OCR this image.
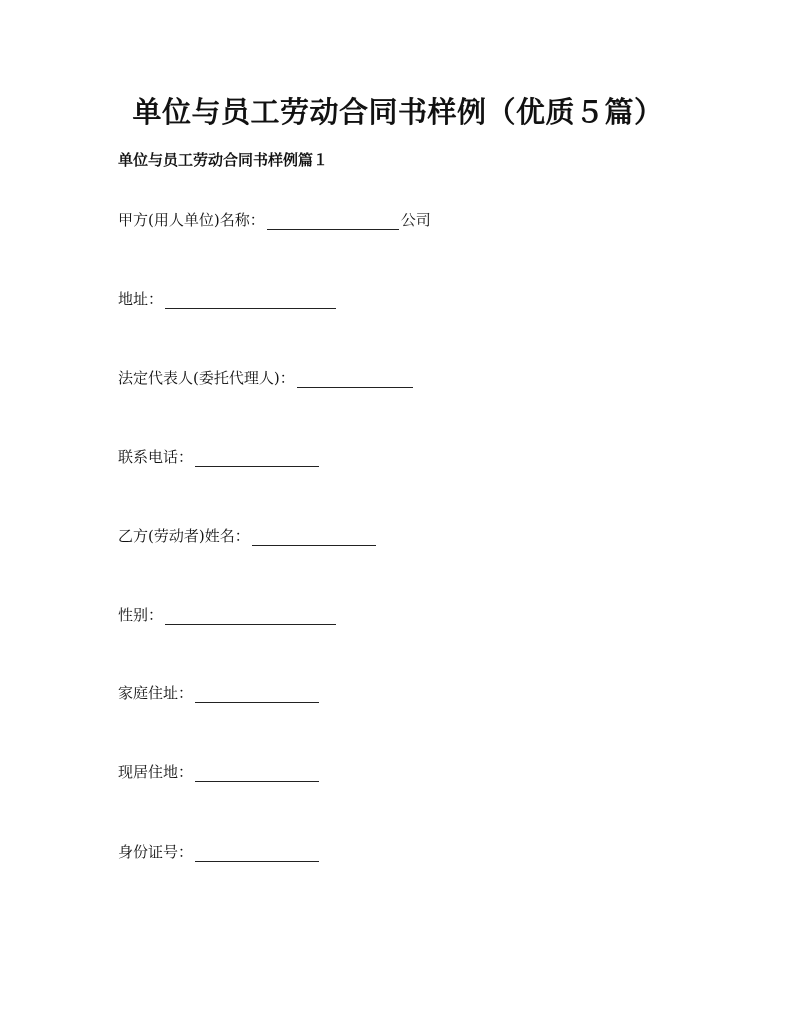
单位与员工劳动合同书样例（优质５篇）
单位与员工劳动合同书样例篇１
甲方(用人单位)名称：	公司
地址：
法定代表人(委托代理人)：
联系电话：
乙方(劳动者)姓名：
性别：
家庭住址：
现居住地：
身份证号：
